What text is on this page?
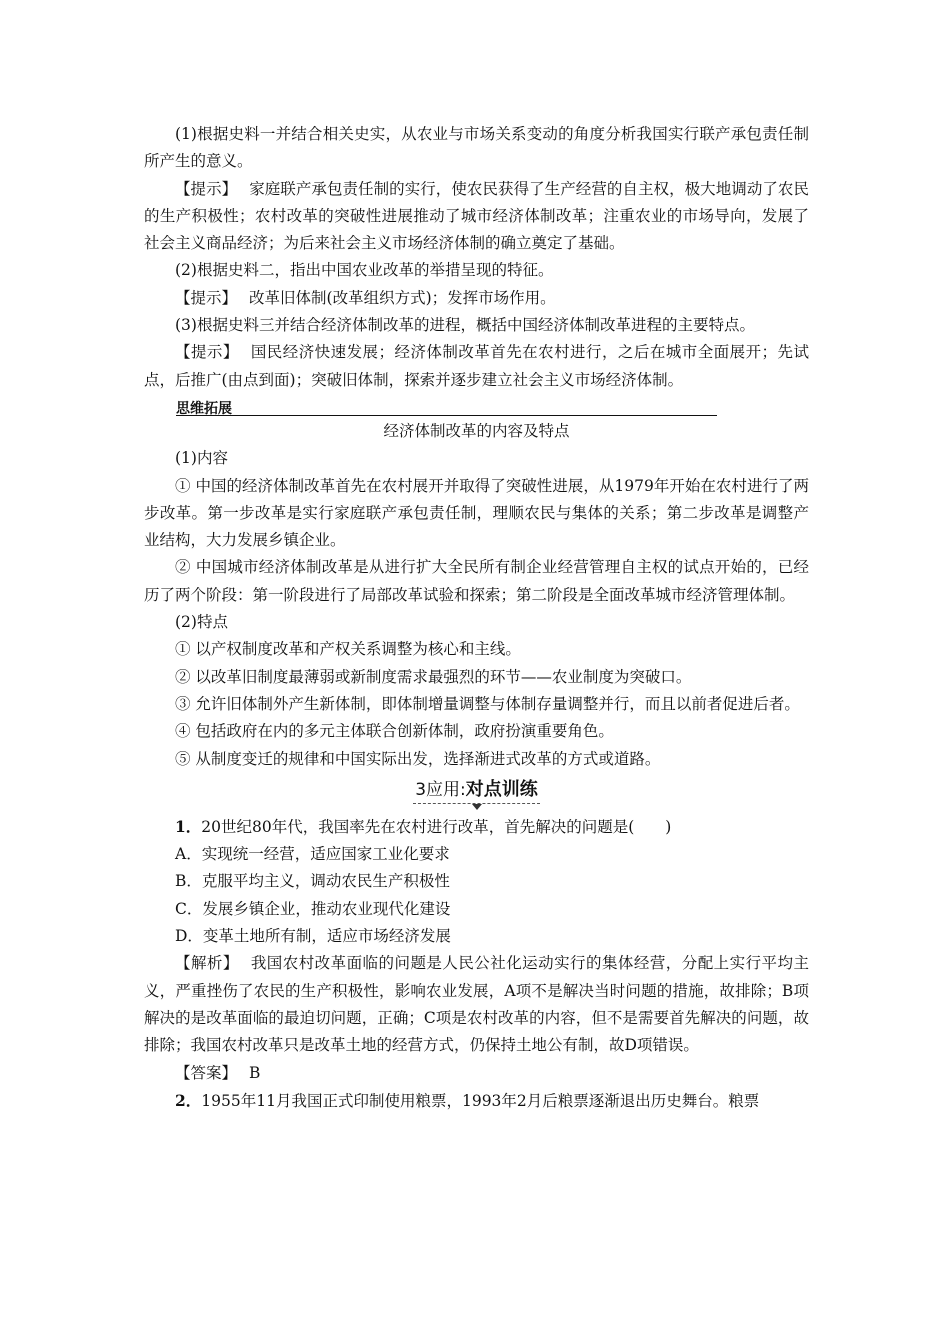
(1)根据史料一并结合相关史实，从农业与市场关系变动的角度分析我国实行联产承包责任制所产生的意义。

【提示】 家庭联产承包责任制的实行，使农民获得了生产经营的自主权，极大地调动了农民的生产积极性；农村改革的突破性进展推动了城市经济体制改革；注重农业的市场导向，发展了社会主义商品经济；为后来社会主义市场经济体制的确立奠定了基础。

(2)根据史料二，指出中国农业改革的举措呈现的特征。

【提示】 改革旧体制(改革组织方式)；发挥市场作用。

(3)根据史料三并结合经济体制改革的进程，概括中国经济体制改革进程的主要特点。

【提示】 国民经济快速发展；经济体制改革首先在农村进行，之后在城市全面展开；先试点，后推广(由点到面)；突破旧体制，探索并逐步建立社会主义市场经济体制。

思维拓展
经济体制改革的内容及特点

(1)内容

① 中国的经济体制改革首先在农村展开并取得了突破性进展，从1979年开始在农村进行了两步改革。第一步改革是实行家庭联产承包责任制，理顺农民与集体的关系；第二步改革是调整产业结构，大力发展乡镇企业。

② 中国城市经济体制改革是从进行扩大全民所有制企业经营管理自主权的试点开始的，已经历了两个阶段：第一阶段进行了局部改革试验和探索；第二阶段是全面改革城市经济管理体制。

(2)特点

① 以产权制度改革和产权关系调整为核心和主线。

② 以改革旧制度最薄弱或新制度需求最强烈的环节——农业制度为突破口。

③ 允许旧体制外产生新体制，即体制增量调整与体制存量调整并行，而且以前者促进后者。

④ 包括政府在内的多元主体联合创新体制，政府扮演重要角色。

⑤ 从制度变迁的规律和中国实际出发，选择渐进式改革的方式或道路。

3应用:对点训练

1．20世纪80年代，我国率先在农村进行改革，首先解决的问题是(　　)

A．实现统一经营，适应国家工业化要求

B．克服平均主义，调动农民生产积极性

C．发展乡镇企业，推动农业现代化建设

D．变革土地所有制，适应市场经济发展

【解析】 我国农村改革面临的问题是人民公社化运动实行的集体经营，分配上实行平均主义，严重挫伤了农民的生产积极性，影响农业发展，A项不是解决当时问题的措施，故排除；B项解决的是改革面临的最迫切问题，正确；C项是农村改革的内容，但不是需要首先解决的问题，故排除；我国农村改革只是改革土地的经营方式，仍保持土地公有制，故D项错误。

【答案】 B

2．1955年11月我国正式印制使用粮票，1993年2月后粮票逐渐退出历史舞台。粮票
